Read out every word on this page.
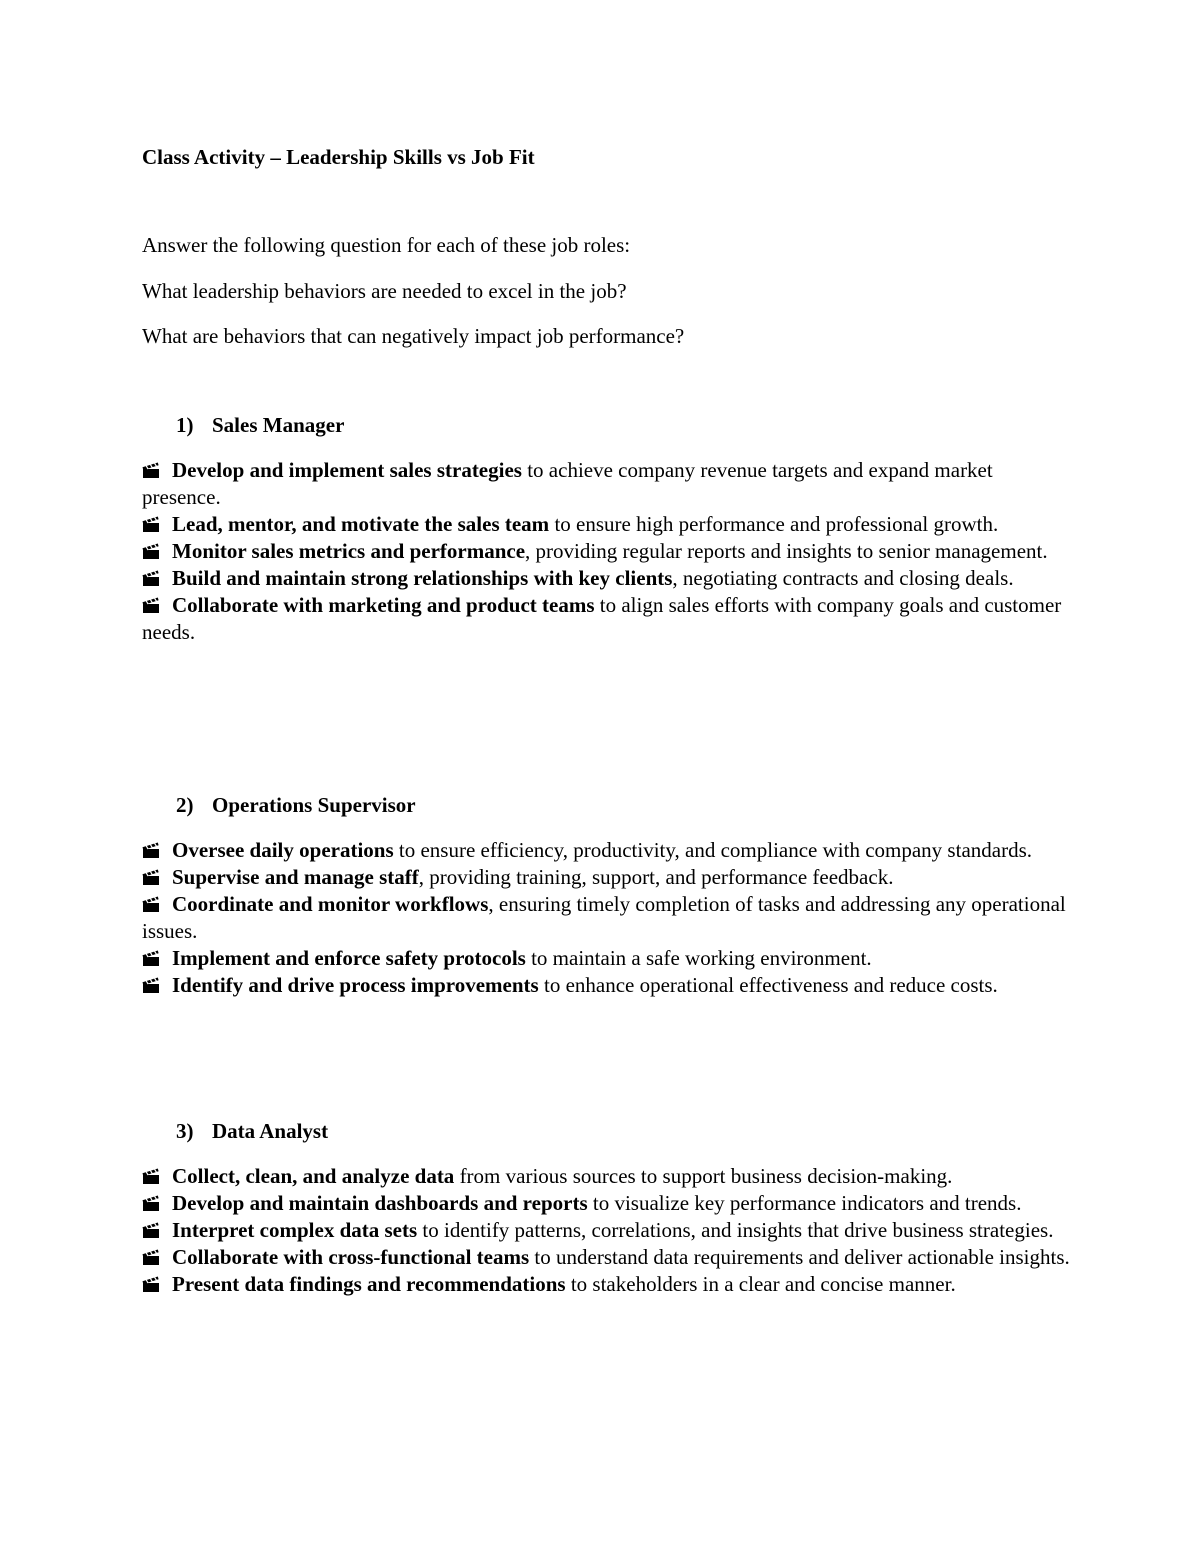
Class Activity – Leadership Skills vs Job Fit
Answer the following question for each of these job roles:
What leadership behaviors are needed to excel in the job?
What are behaviors that can negatively impact job performance?
1) Sales Manager

Develop and implement sales strategies to achieve company revenue targets and expand market presence.

Lead, mentor, and motivate the sales team to ensure high performance and professional growth.

Monitor sales metrics and performance, providing regular reports and insights to senior management.

Build and maintain strong relationships with key clients, negotiating contracts and closing deals.

Collaborate with marketing and product teams to align sales efforts with company goals and customer needs.

2) Operations Supervisor

Oversee daily operations to ensure efficiency, productivity, and compliance with company standards.

Supervise and manage staff, providing training, support, and performance feedback.

Coordinate and monitor workflows, ensuring timely completion of tasks and addressing any operational issues.

Implement and enforce safety protocols to maintain a safe working environment.

Identify and drive process improvements to enhance operational effectiveness and reduce costs.

3) Data Analyst

Collect, clean, and analyze data from various sources to support business decision-making.

Develop and maintain dashboards and reports to visualize key performance indicators and trends.

Interpret complex data sets to identify patterns, correlations, and insights that drive business strategies.

Collaborate with cross-functional teams to understand data requirements and deliver actionable insights.

Present data findings and recommendations to stakeholders in a clear and concise manner.
